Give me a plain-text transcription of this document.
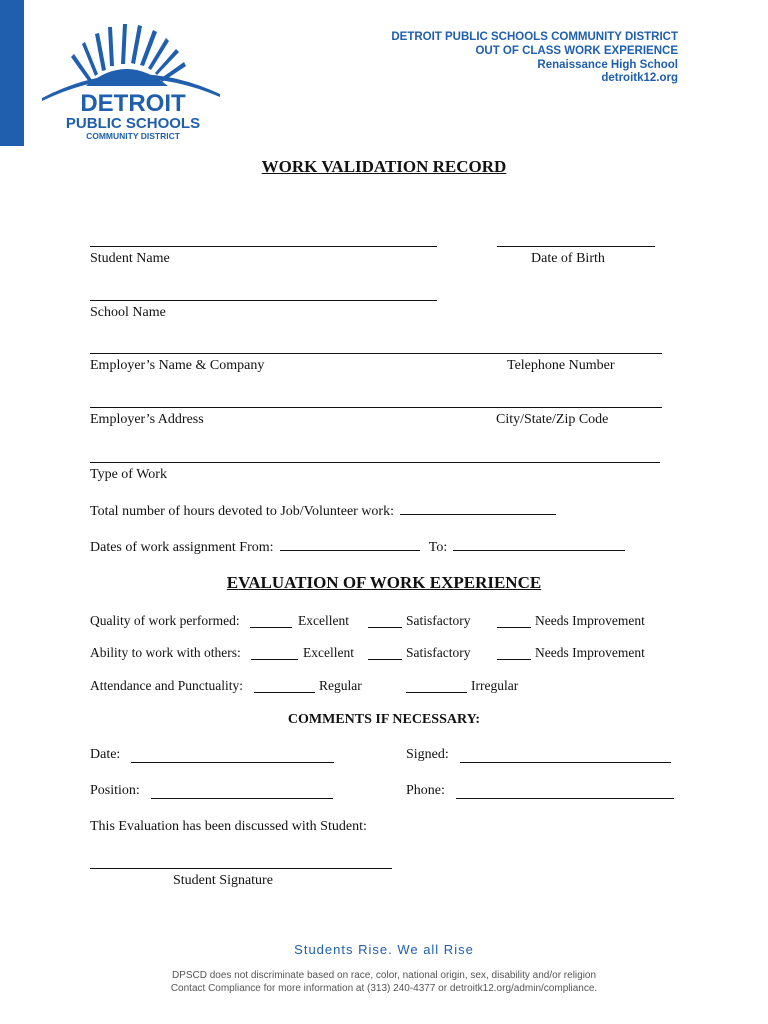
DETROIT
PUBLIC SCHOOLS
COMMUNITY DISTRICT
DETROIT PUBLIC SCHOOLS COMMUNITY DISTRICT
OUT OF CLASS WORK EXPERIENCE
Renaissance High School
detroitk12.org
WORK VALIDATION RECORD
Student Name	Date of Birth
School Name
Employer’s Name & Company	Telephone Number
Employer’s Address	City/State/Zip Code
Type of Work
Total number of hours devoted to Job/Volunteer work:
Dates of work assignment From:	To:
EVALUATION OF WORK EXPERIENCE
Quality of work performed:	Excellent	Satisfactory	Needs Improvement
Ability to work with others:	Excellent	Satisfactory	Needs Improvement
Attendance and Punctuality:	Regular	Irregular
COMMENTS IF NECESSARY:
Date:	Signed:
Position:	Phone:
This Evaluation has been discussed with Student:
Student Signature
Students Rise. We all Rise
DPSCD does not discriminate based on race, color, national origin, sex, disability and/or religion
Contact Compliance for more information at (313) 240-4377 or detroitk12.org/admin/compliance.
